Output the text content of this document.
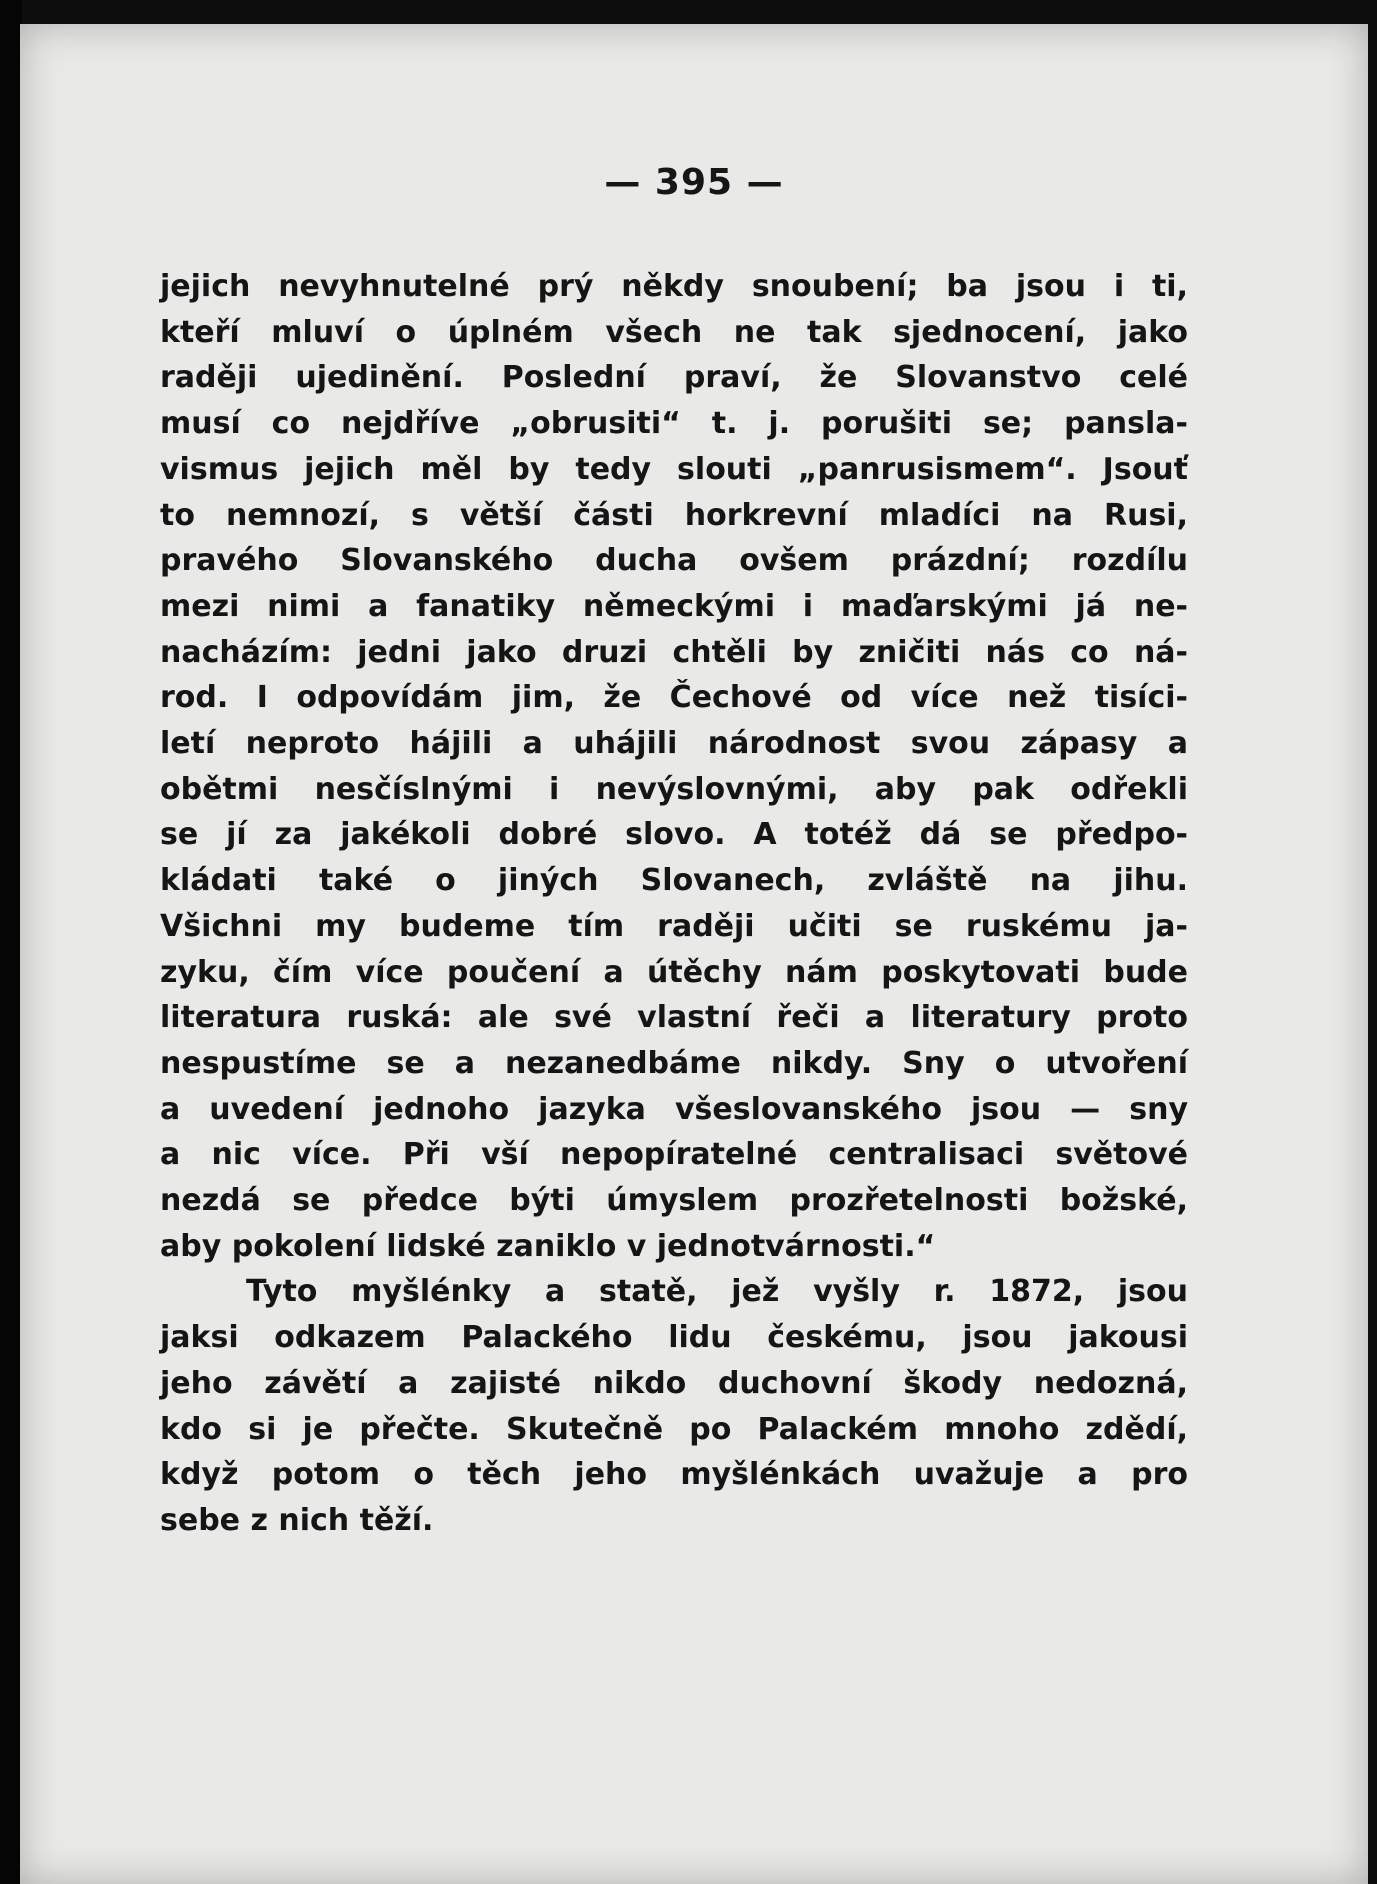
— 395 —
jejich nevyhnutelné prý někdy snoubení; ba jsou i ti,
kteří mluví o úplném všech ne tak sjednocení, jako
raději ujedinění. Poslední praví, že Slovanstvo celé
musí co nejdříve „obrusiti“ t. j. porušiti se; pansla-
vismus jejich měl by tedy slouti „panrusismem“. Jsouť
to nemnozí, s větší části horkrevní mladíci na Rusi,
pravého Slovanského ducha ovšem prázdní; rozdílu
mezi nimi a fanatiky německými i maďarskými já ne-
nacházím: jedni jako druzi chtěli by zničiti nás co ná-
rod. I odpovídám jim, že Čechové od více než tisíci-
letí neproto hájili a uhájili národnost svou zápasy a
obětmi nesčíslnými i nevýslovnými, aby pak odřekli
se jí za jakékoli dobré slovo. A totéž dá se předpo-
kládati také o jiných Slovanech, zvláště na jihu.
Všichni my budeme tím raději učiti se ruskému ja-
zyku, čím více poučení a útěchy nám poskytovati bude
literatura ruská: ale své vlastní řeči a literatury proto
nespustíme se a nezanedbáme nikdy. Sny o utvoření
a uvedení jednoho jazyka všeslovanského jsou — sny
a nic více. Při vší nepopíratelné centralisaci světové
nezdá se předce býti úmyslem prozřetelnosti božské,
aby pokolení lidské zaniklo v jednotvárnosti.“
Tyto myšlénky a statě, jež vyšly r. 1872, jsou
jaksi odkazem Palackého lidu českému, jsou jakousi
jeho závětí a zajisté nikdo duchovní škody nedozná,
kdo si je přečte. Skutečně po Palackém mnoho zdědí,
když potom o těch jeho myšlénkách uvažuje a pro
sebe z nich těží.
